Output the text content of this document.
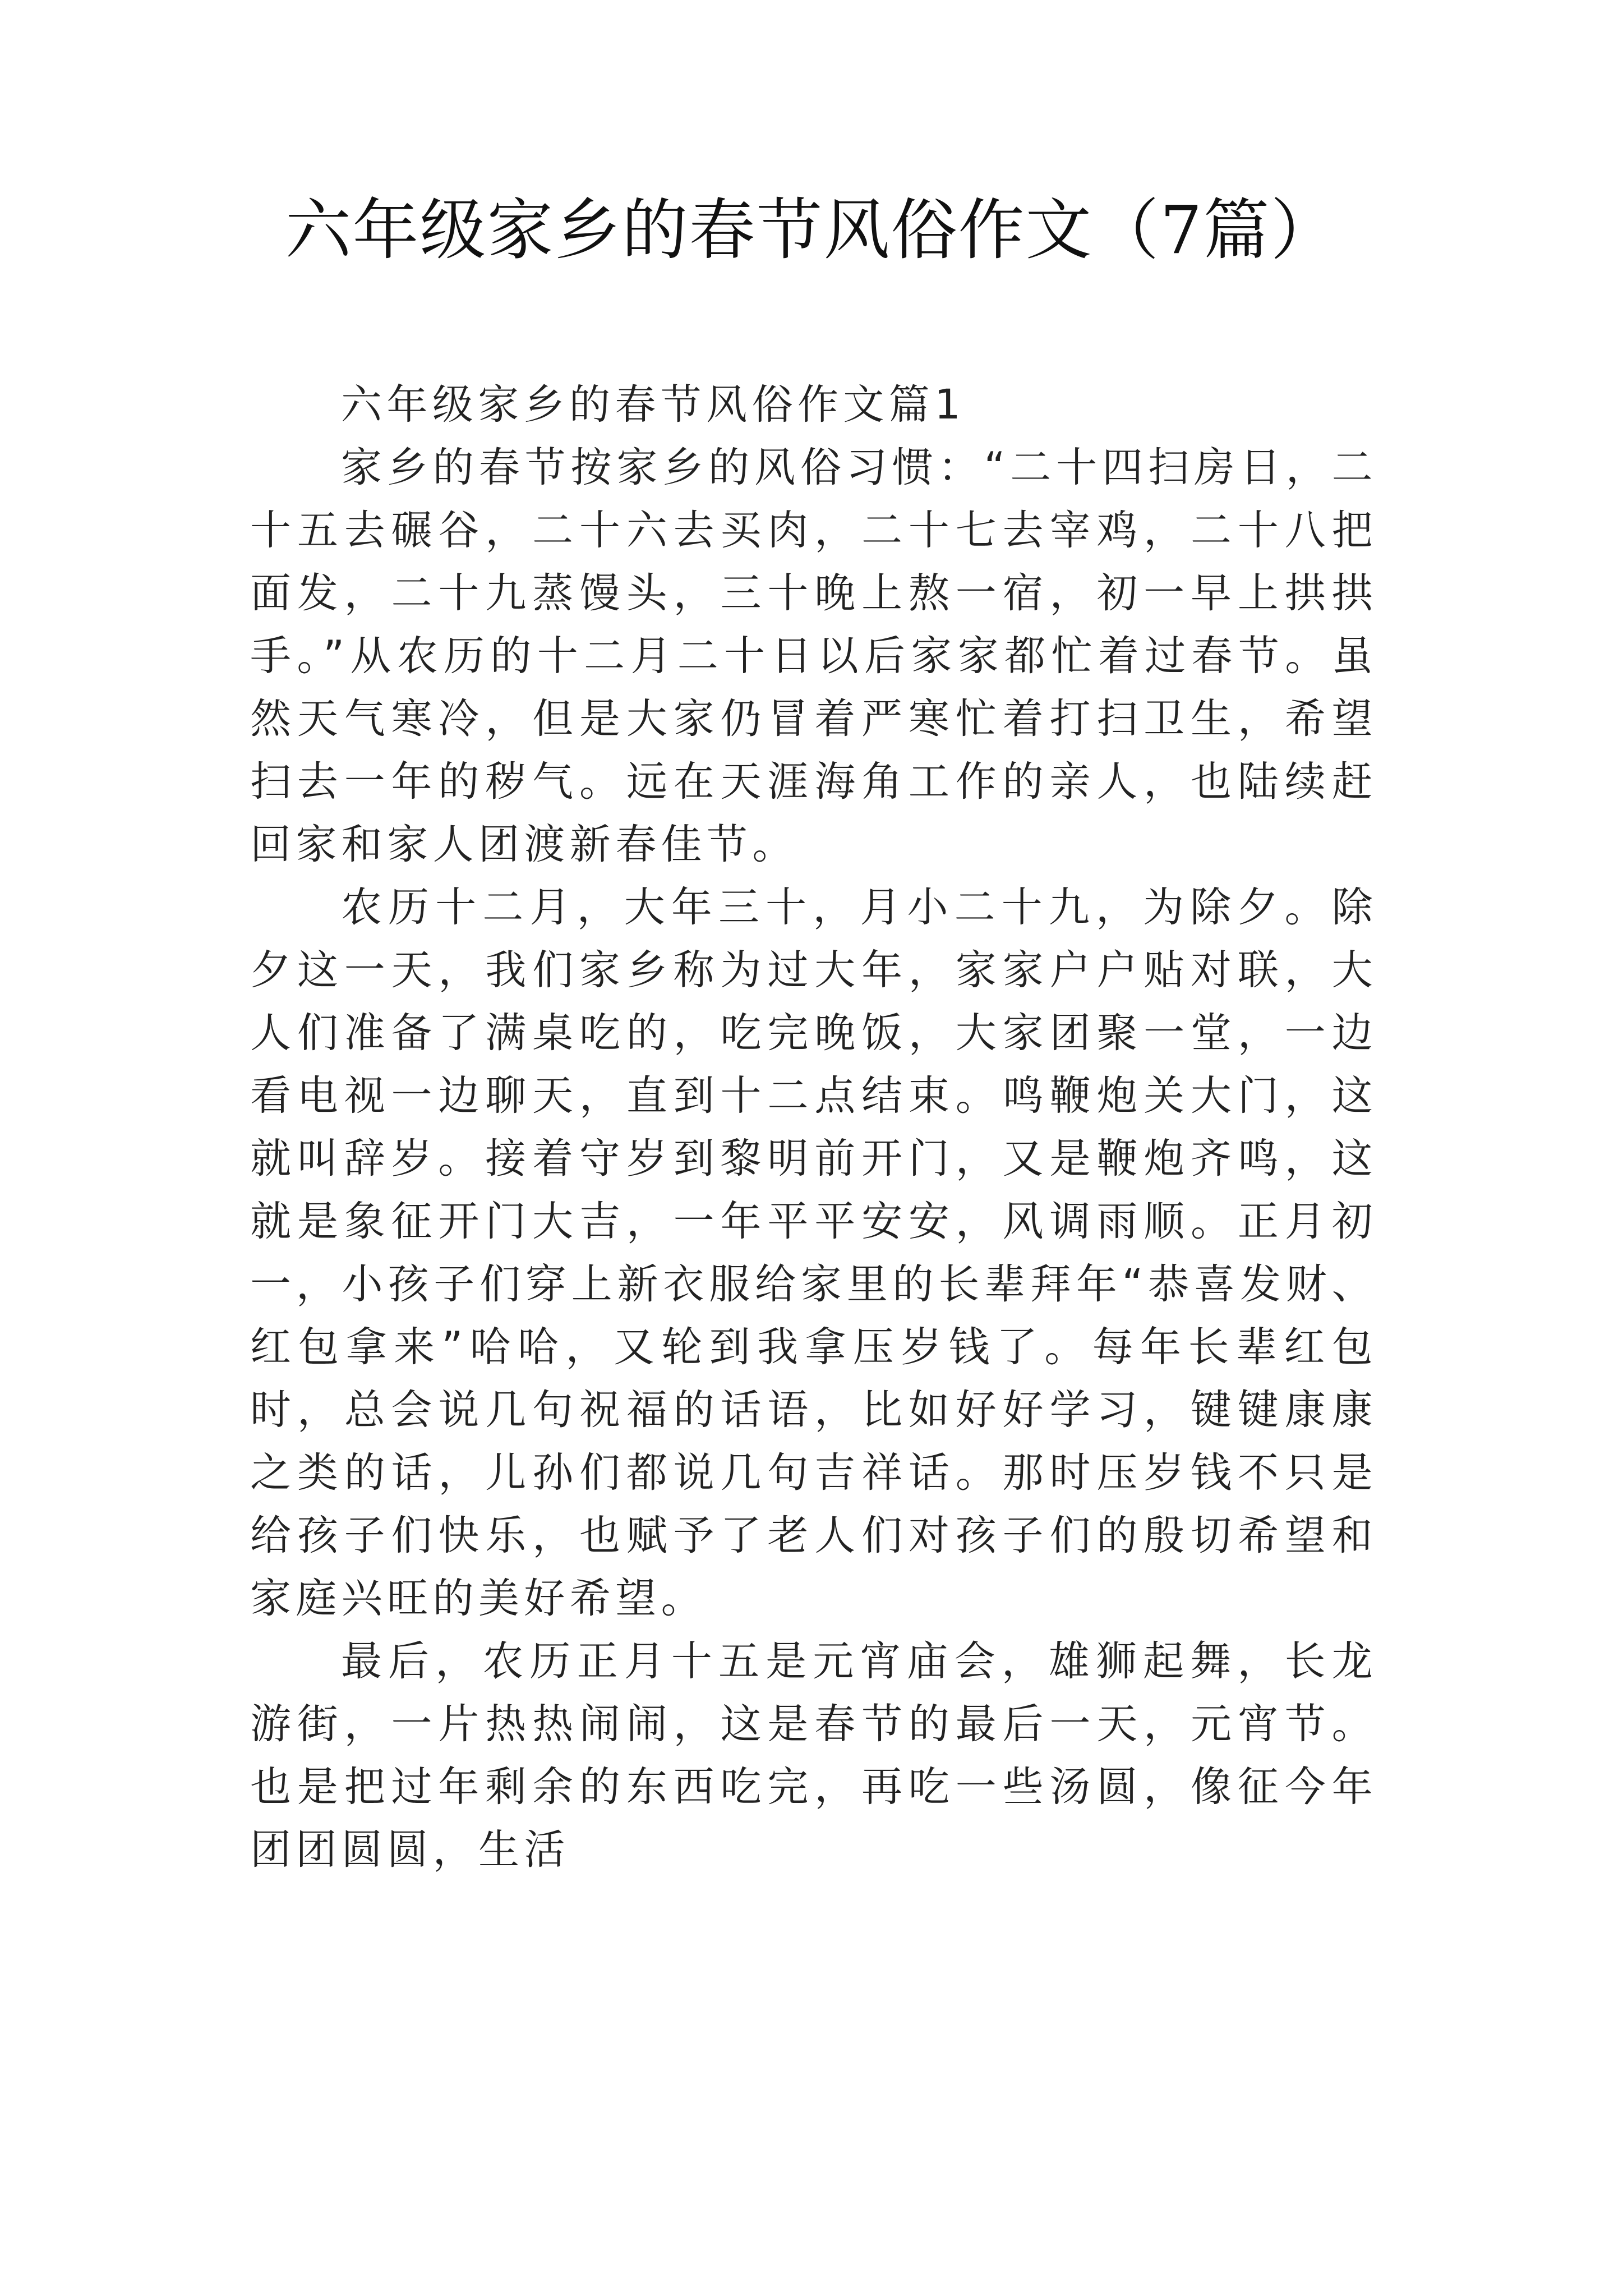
六年级家乡的春节风俗作文（7篇）

六年级家乡的春节风俗作文篇1

家乡的春节按家乡的风俗习惯：“二十四扫房日，二十五去碾谷，二十六去买肉，二十七去宰鸡，二十八把面发，二十九蒸馒头，三十晚上熬一宿，初一早上拱拱手。”从农历的十二月二十日以后家家都忙着过春节。虽然天气寒冷，但是大家仍冒着严寒忙着打扫卫生，希望扫去一年的秽气。远在天涯海角工作的亲人，也陆续赶回家和家人团渡新春佳节。

农历十二月，大年三十，月小二十九，为除夕。除夕这一天，我们家乡称为过大年，家家户户贴对联，大人们准备了满桌吃的，吃完晚饭，大家团聚一堂，一边看电视一边聊天，直到十二点结束。鸣鞭炮关大门，这就叫辞岁。接着守岁到黎明前开门，又是鞭炮齐鸣，这就是象征开门大吉，一年平平安安，风调雨顺。正月初一，小孩子们穿上新衣服给家里的长辈拜年“恭喜发财、红包拿来”哈哈，又轮到我拿压岁钱了。每年长辈红包时，总会说几句祝福的话语，比如好好学习，键键康康之类的话，儿孙们都说几句吉祥话。那时压岁钱不只是给孩子们快乐，也赋予了老人们对孩子们的殷切希望和家庭兴旺的美好希望。

最后，农历正月十五是元宵庙会，雄狮起舞，长龙游街，一片热热闹闹，这是春节的最后一天，元宵节。也是把过年剩余的东西吃完，再吃一些汤圆，像征今年团团圆圆，生活
